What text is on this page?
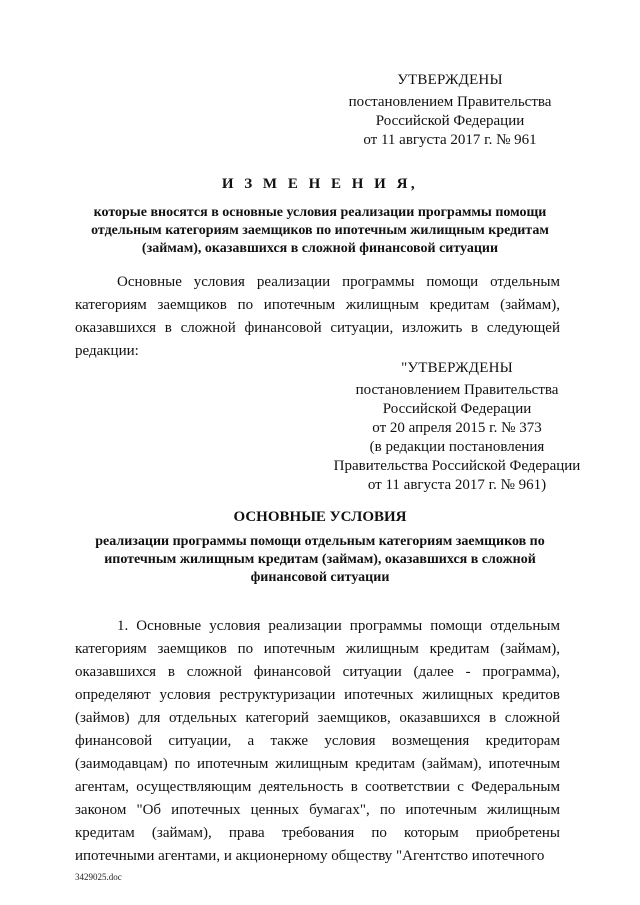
УТВЕРЖДЕНЫ
постановлением Правительства
Российской Федерации
от 11 августа 2017 г. № 961
И З М Е Н Е Н И Я,
которые вносятся в основные условия реализации программы помощи отдельным категориям заемщиков по ипотечным жилищным кредитам (займам), оказавшихся в сложной финансовой ситуации
Основные условия реализации программы помощи отдельным категориям заемщиков по ипотечным жилищным кредитам (займам), оказавшихся в сложной финансовой ситуации, изложить в следующей редакции:
"УТВЕРЖДЕНЫ
постановлением Правительства
Российской Федерации
от 20 апреля 2015 г. № 373
(в редакции постановления
Правительства Российской Федерации
от 11 августа 2017 г. № 961)
ОСНОВНЫЕ УСЛОВИЯ
реализации программы помощи отдельным категориям заемщиков по ипотечным жилищным кредитам (займам), оказавшихся в сложной финансовой ситуации
1. Основные условия реализации программы помощи отдельным категориям заемщиков по ипотечным жилищным кредитам (займам), оказавшихся в сложной финансовой ситуации (далее - программа), определяют условия реструктуризации ипотечных жилищных кредитов (займов) для отдельных категорий заемщиков, оказавшихся в сложной финансовой ситуации, а также условия возмещения кредиторам (заимодавцам) по ипотечным жилищным кредитам (займам), ипотечным агентам, осуществляющим деятельность в соответствии с Федеральным законом "Об ипотечных ценных бумагах", по ипотечным жилищным кредитам (займам), права требования по которым приобретены ипотечными агентами, и акционерному обществу "Агентство ипотечного
3429025.doc
